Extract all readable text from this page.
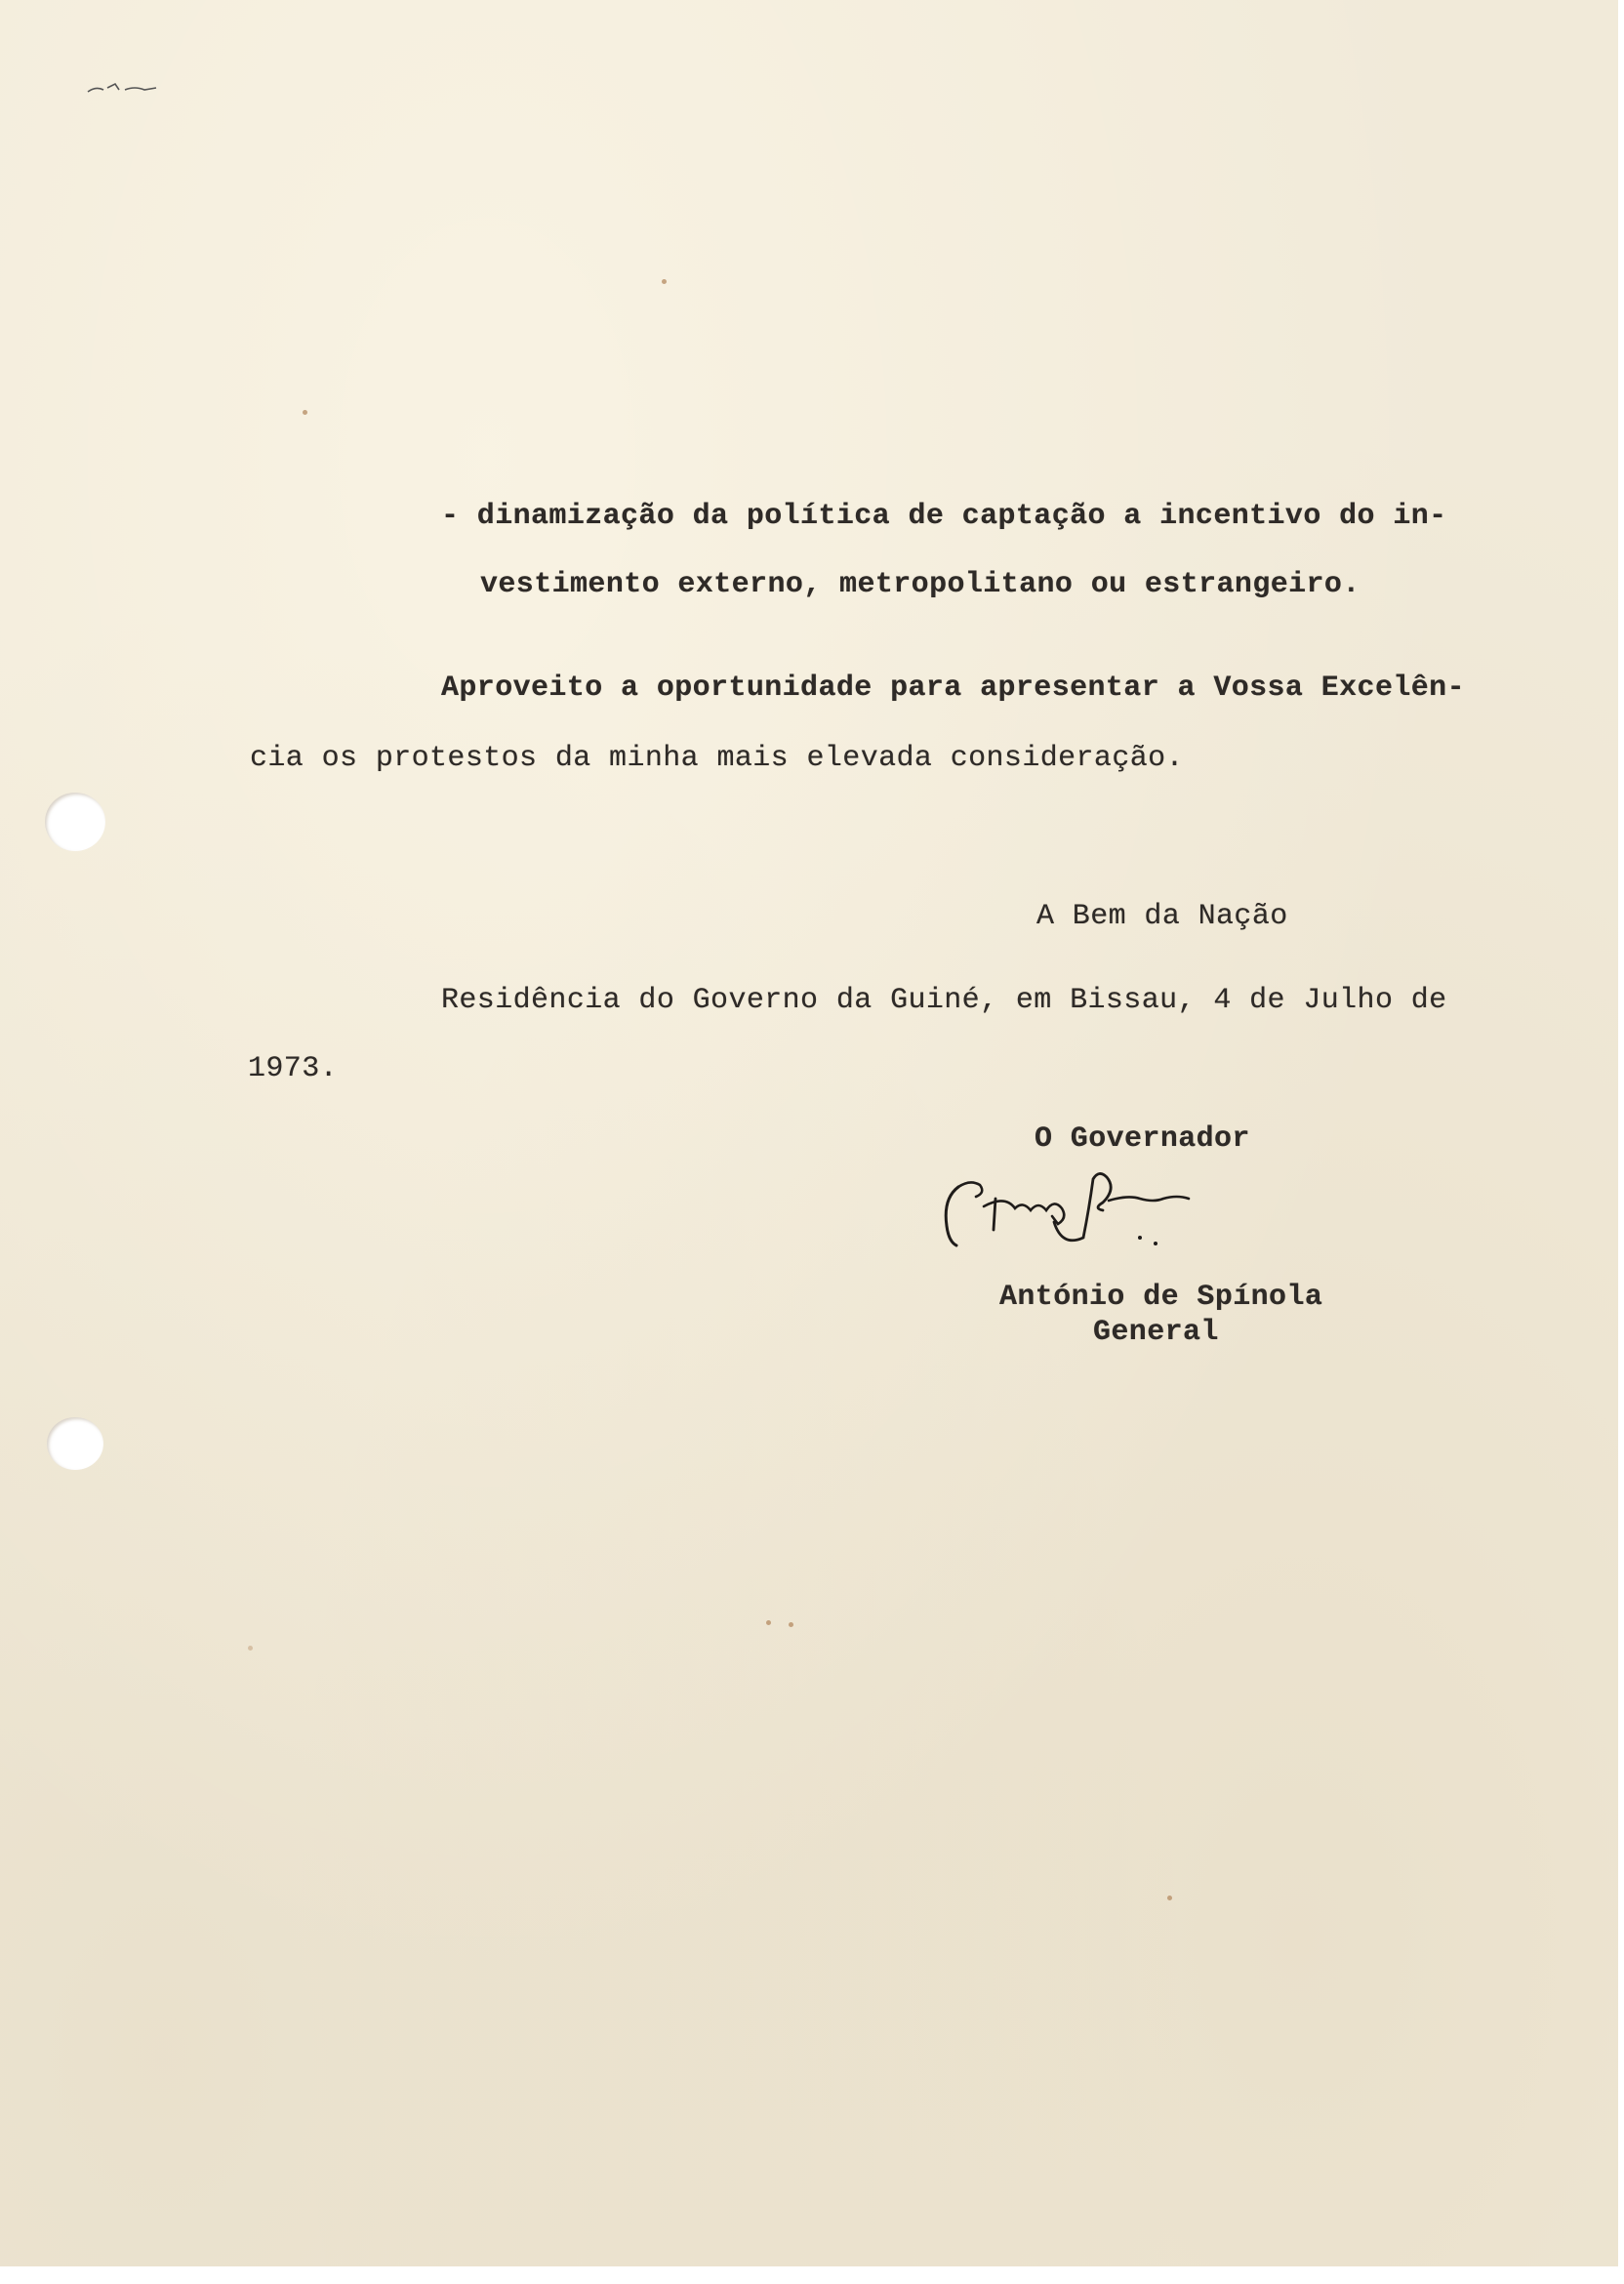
- dinamização da política de captação a incentivo do in-
vestimento externo, metropolitano ou estrangeiro.
Aproveito a oportunidade para apresentar a Vossa Excelên-
cia os protestos da minha mais elevada consideração.
A Bem da Nação
Residência do Governo da Guiné, em Bissau, 4 de Julho de
1973.
O Governador
António de Spínola
General
